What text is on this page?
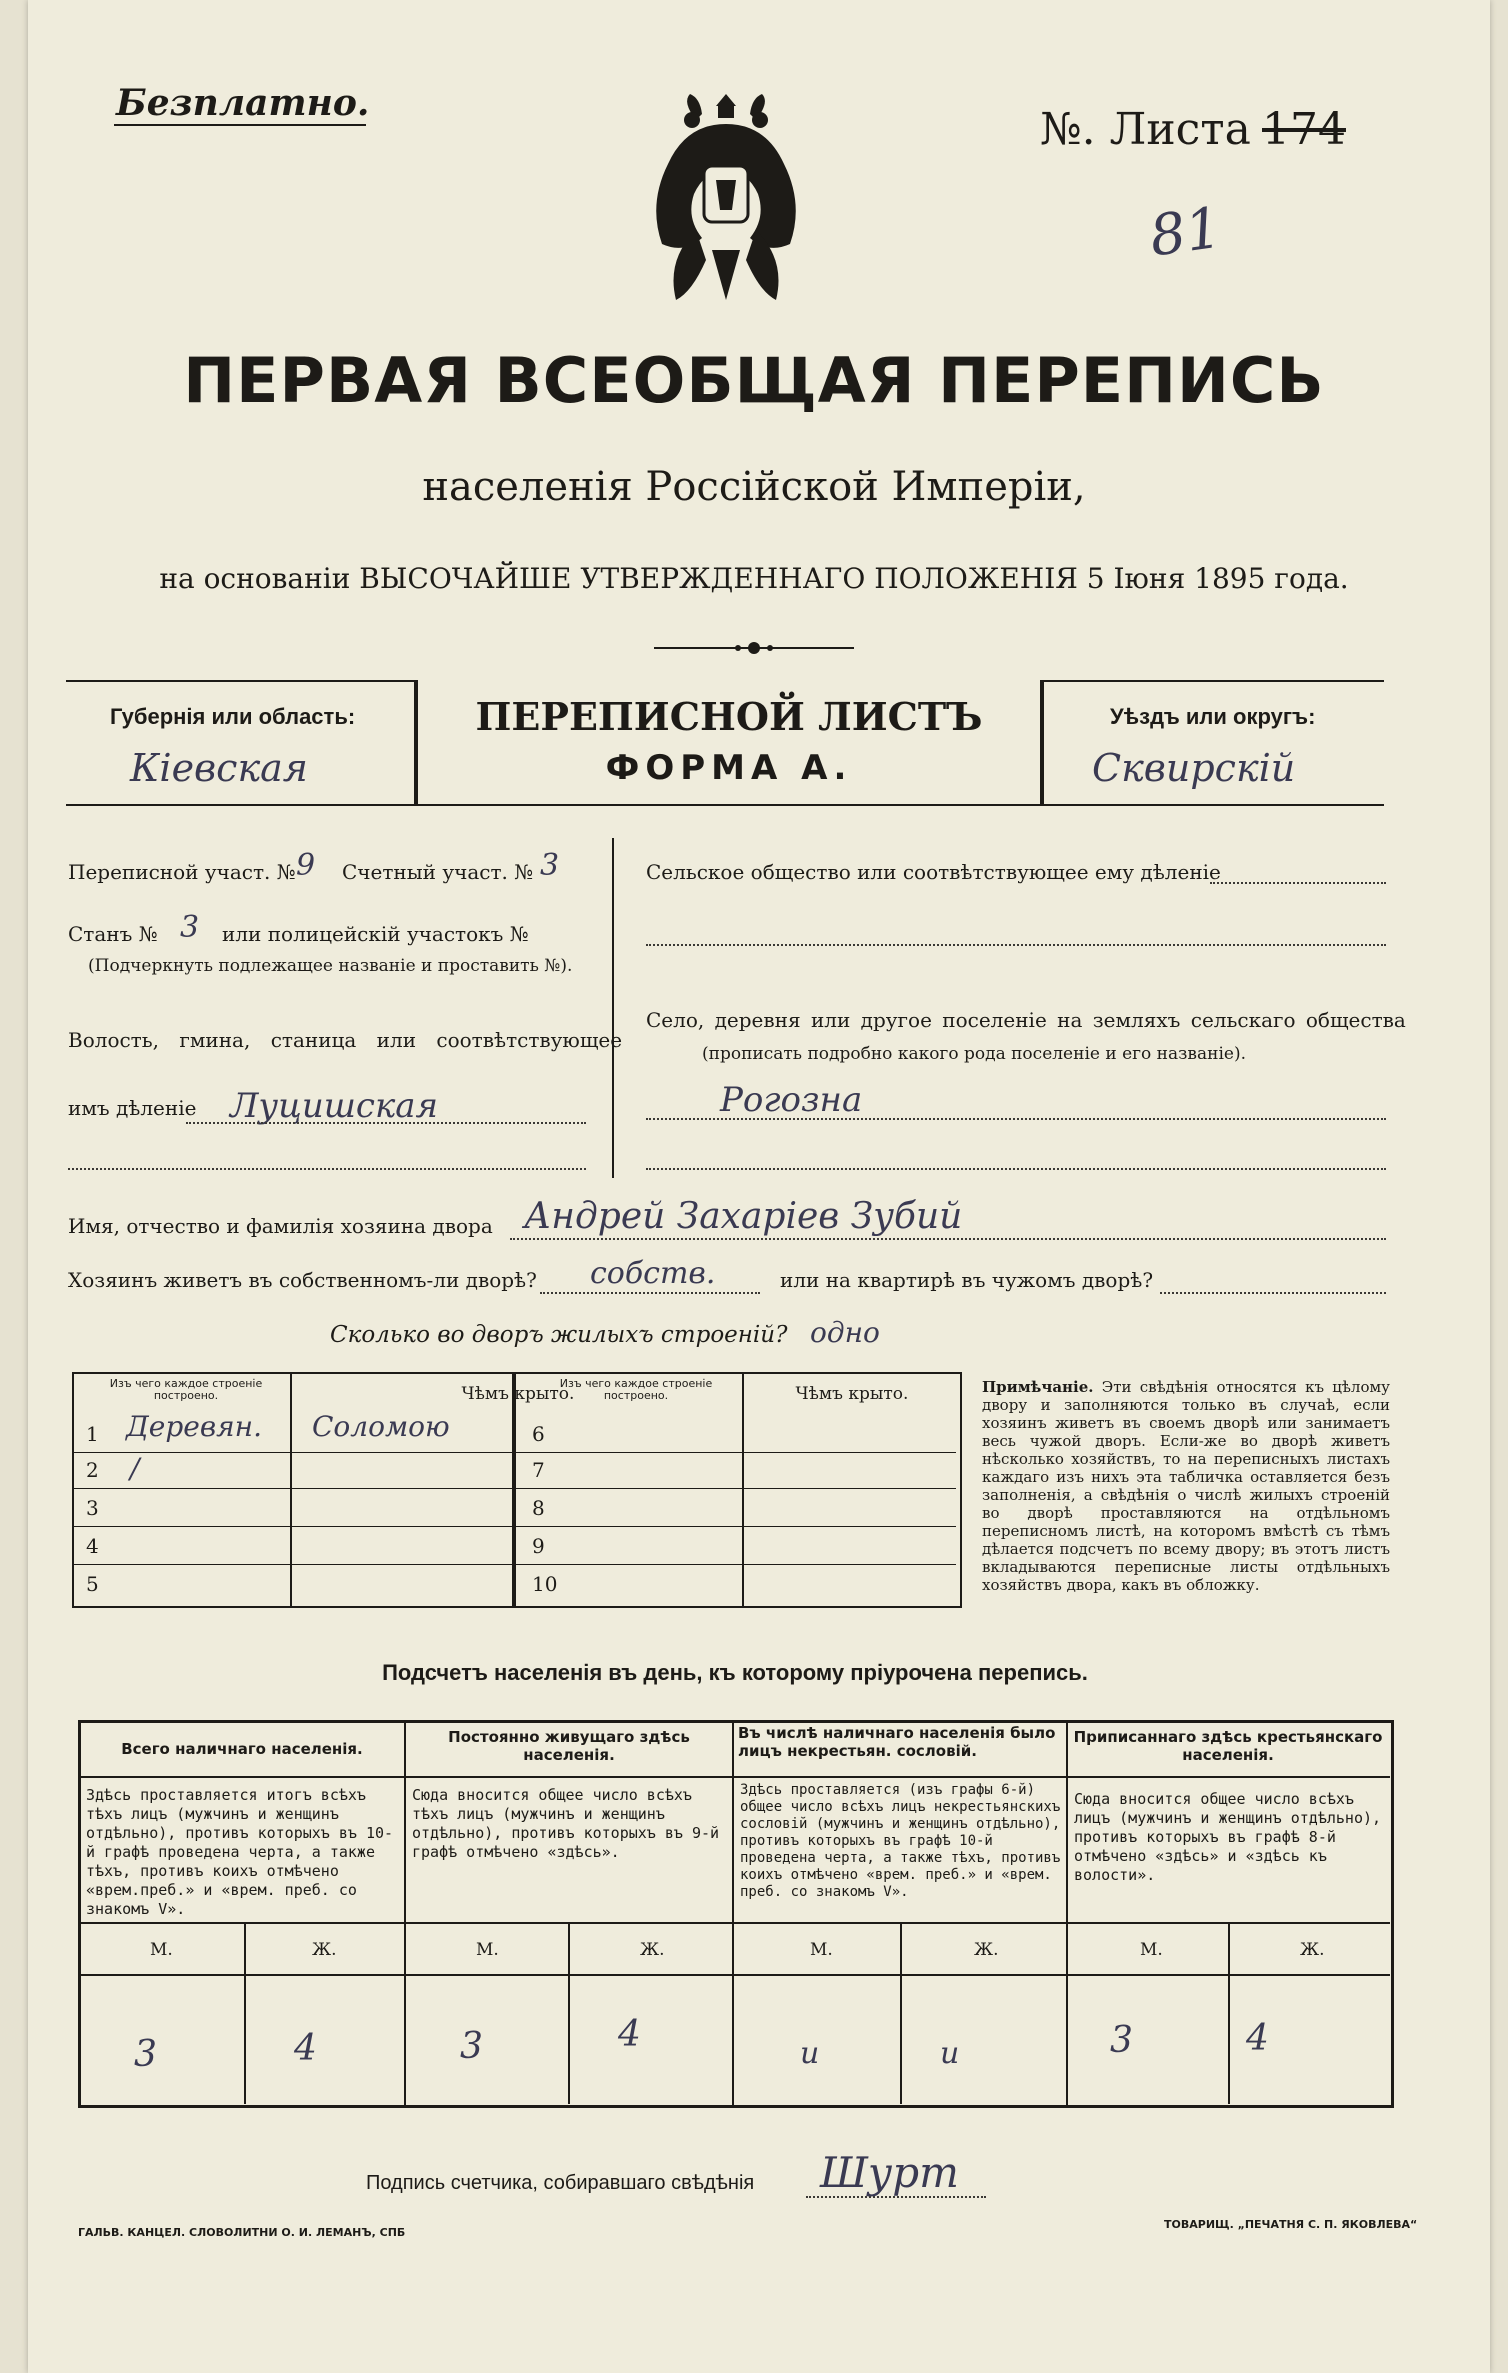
Безплатно.
№. Листа 174
81
ПЕРВАЯ ВСЕОБЩАЯ ПЕРЕПИСЬ
населенія Россійской Имперіи,
на основаніи ВЫСОЧАЙШЕ УТВЕРЖДЕННАГО ПОЛОЖЕНІЯ 5 Іюня 1895 года.
Губернія или область:
Кіевская
ПЕРЕПИСНОЙ ЛИСТЪ
ФОРМА А.
Уѣздъ или округъ:
Сквирскій
Переписной участ. № 9 Счетный участ. № 3
Станъ № 3 или полицейскій участокъ №
(Подчеркнуть подлежащее названіе и проставить №).
Волость, гмина, станица или соотвѣтствующее
имъ дѣленіе Луцишская
Сельское общество или соотвѣтствующее ему дѣленіе
Село, деревня или другое поселеніе на земляхъ сельскаго общества
(прописать подробно какого рода поселеніе и его названіе).
Рогозна
Имя, отчество и фамилія хозяина двора Андрей Захаріев Зубий
Хозяинъ живетъ въ собственномъ-ли дворѣ? собств.	или на квартирѣ въ чужомъ дворѣ?
Сколько во дворъ жилыхъ строеній? одно
Изъ чего каждое строеніе построено.	Чѣмъ крыто.
Изъ чего каждое строеніе построено.	Чѣмъ крыто.
1 Деревян. Соломою
2 /
3
4
5
6
7
8
9
10
Примѣчаніе. Эти свѣдѣнія относятся къ цѣлому двору и заполняются только въ случаѣ, если хозяинъ живетъ въ своемъ дворѣ или занимаетъ весь чужой дворъ. Если-же во дворѣ живетъ нѣсколько хозяйствъ, то на переписныхъ листахъ каждаго изъ нихъ эта табличка оставляется безъ заполненія, а свѣдѣнія о числѣ жилыхъ строеній во дворѣ проставляются на отдѣльномъ переписномъ листѣ, на которомъ вмѣстѣ съ тѣмъ дѣлается подсчетъ по всему двору; въ этотъ листъ вкладываются переписные листы отдѣльныхъ хозяйствъ двора, какъ въ обложку.
Подсчетъ населенія въ день, къ которому пріурочена перепись.
Всего наличнаго населенія.
Здѣсь проставляется итогъ всѣхъ тѣхъ лицъ (мужчинъ и женщинъ отдѣльно), противъ которыхъ въ 10-й графѣ проведена черта, а также тѣхъ, противъ коихъ отмѣчено «врем.преб.» и «врем. преб. со знакомъ V».
М.	Ж.
3	4
Постоянно живущаго здѣсь населенія.
Сюда вносится общее число всѣхъ тѣхъ лицъ (мужчинъ и женщинъ отдѣльно), противъ которыхъ въ 9-й графѣ отмѣчено «здѣсь».
М.	Ж.
3	4
Въ числѣ наличнаго населенія было лицъ некрестьян. сословій.
Здѣсь проставляется (изъ графы 6-й) общее число всѣхъ лицъ некрестьянскихъ сословій (мужчинъ и женщинъ отдѣльно), противъ которыхъ въ графѣ 10-й проведена черта, а также тѣхъ, противъ коихъ отмѣчено «врем. преб.» и «врем. преб. со знакомъ V».
М.	Ж.
и	и
Приписаннаго здѣсь крестьянскаго населенія.
Сюда вносится общее число всѣхъ лицъ (мужчинъ и женщинъ отдѣльно), противъ которыхъ въ графѣ 8-й отмѣчено «здѣсь» и «здѣсь къ волости».
М.	Ж.
3	4
Подпись счетчика, собиравшаго свѣдѣнія Шурт
ГАЛЬВ. КАНЦЕЛ. СЛОВОЛИТНИ О. И. ЛЕМАНЪ, СПБ
ТОВАРИЩ. „ПЕЧАТНЯ С. П. ЯКОВЛЕВА“
